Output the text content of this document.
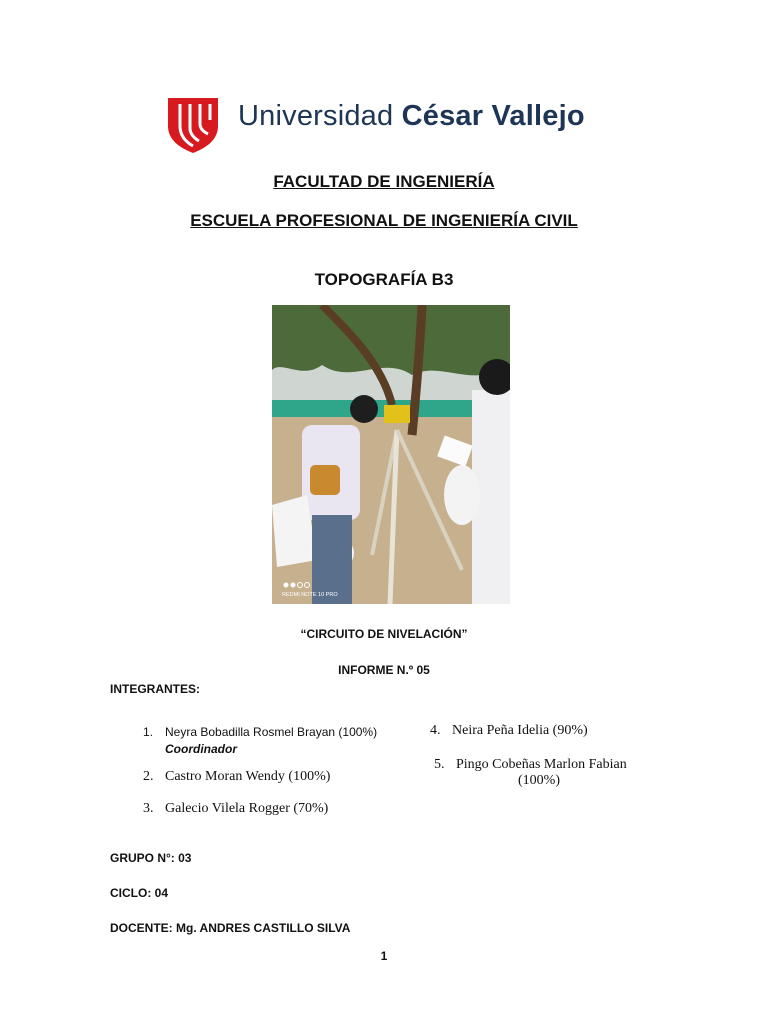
Universidad César Vallejo
FACULTAD DE INGENIERÍA
ESCUELA PROFESIONAL DE INGENIERÍA CIVIL
TOPOGRAFÍA B3
REDMI NOTE 10 PRO
“CIRCUITO DE NIVELACIÓN”
INFORME N.º 05
INTEGRANTES:
1. Neyra Bobadilla Rosmel Brayan (100%)
Coordinador
2. Castro Moran Wendy (100%)
3. Galecio Vilela Rogger (70%)
4. Neira Peña Idelia (90%)
5. Pingo Cobeñas Marlon Fabian
(100%)
GRUPO N°: 03
CICLO: 04
DOCENTE: Mg. ANDRES CASTILLO SILVA
1
